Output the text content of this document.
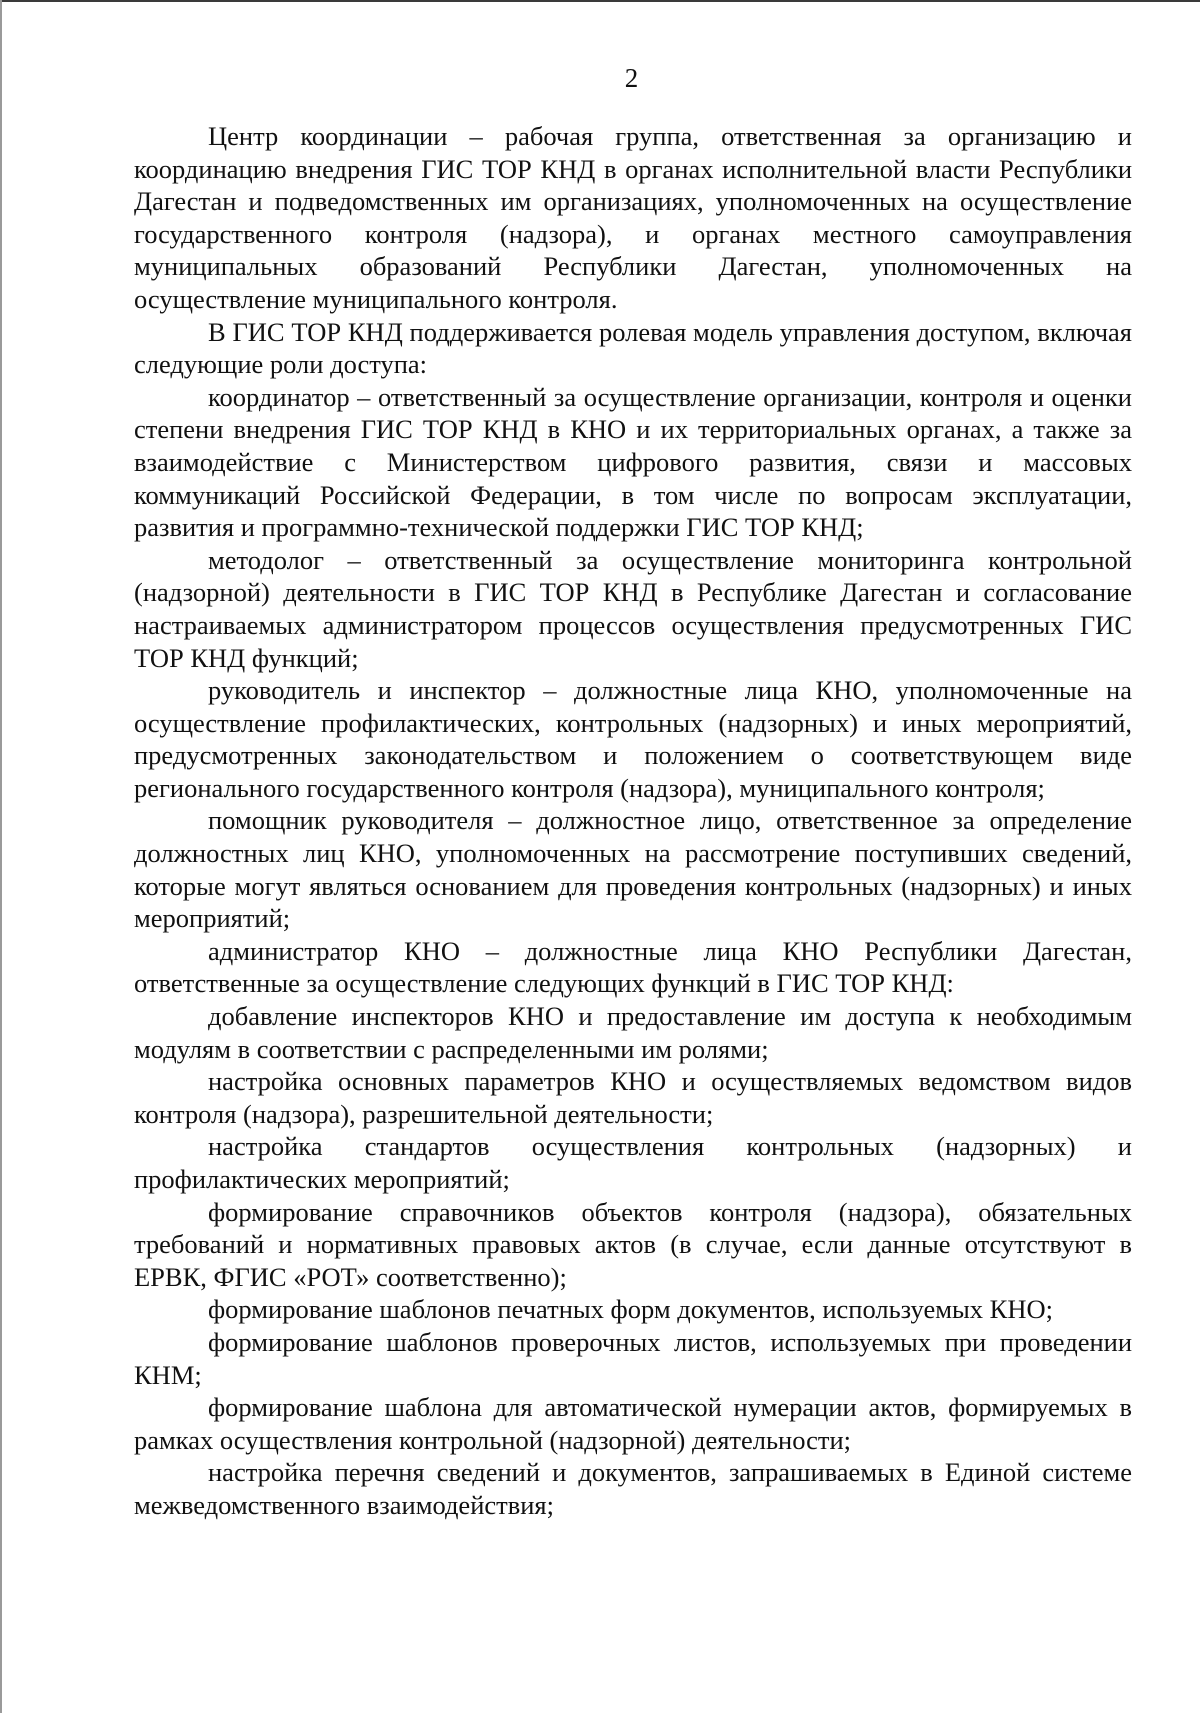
2

Центр координации – рабочая группа, ответственная за организацию и координацию внедрения ГИС ТОР КНД в органах исполнительной власти Республики Дагестан и подведомственных им организациях, уполномоченных на осуществление государственного контроля (надзора), и органах местного самоуправления муниципальных образований Республики Дагестан, уполномоченных на осуществление муниципального контроля.

В ГИС ТОР КНД поддерживается ролевая модель управления доступом, включая следующие роли доступа:

координатор – ответственный за осуществление организации, контроля и оценки степени внедрения ГИС ТОР КНД в КНО и их территориальных органах, а также за взаимодействие с Министерством цифрового развития, связи и массовых коммуникаций Российской Федерации, в том числе по вопросам эксплуатации, развития и программно-технической поддержки ГИС ТОР КНД;

методолог – ответственный за осуществление мониторинга контрольной (надзорной) деятельности в ГИС ТОР КНД в Республике Дагестан и согласование настраиваемых администратором процессов осуществления предусмотренных ГИС ТОР КНД функций;

руководитель и инспектор – должностные лица КНО, уполномоченные на осуществление профилактических, контрольных (надзорных) и иных мероприятий, предусмотренных законодательством и положением о соответствующем виде регионального государственного контроля (надзора), муниципального контроля;

помощник руководителя – должностное лицо, ответственное за определение должностных лиц КНО, уполномоченных на рассмотрение поступивших сведений, которые могут являться основанием для проведения контрольных (надзорных) и иных мероприятий;

администратор КНО – должностные лица КНО Республики Дагестан, ответственные за осуществление следующих функций в ГИС ТОР КНД:

добавление инспекторов КНО и предоставление им доступа к необходимым модулям в соответствии с распределенными им ролями;

настройка основных параметров КНО и осуществляемых ведомством видов контроля (надзора), разрешительной деятельности;

настройка стандартов осуществления контрольных (надзорных) и профилактических мероприятий;

формирование справочников объектов контроля (надзора), обязательных требований и нормативных правовых актов (в случае, если данные отсутствуют в ЕРВК, ФГИС «РОТ» соответственно);

формирование шаблонов печатных форм документов, используемых КНО;

формирование шаблонов проверочных листов, используемых при проведении КНМ;

формирование шаблона для автоматической нумерации актов, формируемых в рамках осуществления контрольной (надзорной) деятельности;

настройка перечня сведений и документов, запрашиваемых в Единой системе межведомственного взаимодействия;
